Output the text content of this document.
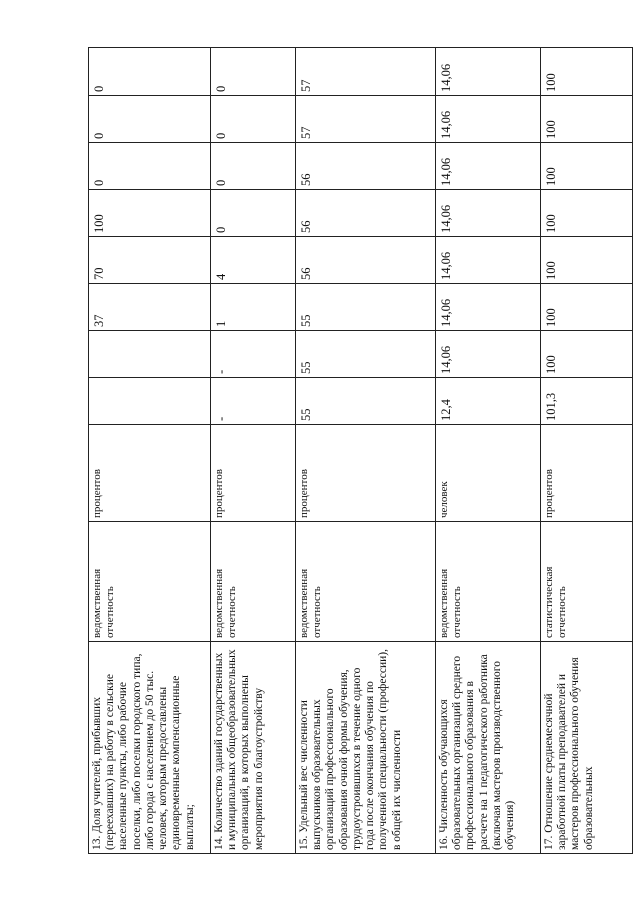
13. Доля учителей, прибывших (переехавших) на работу в сельские населенные пункты, либо рабочие поселки, либо поселки городского типа, либо города с населением до 50 тыс. человек, которым предоставлены единовременные компенсационные выплаты;	ведомственная отчетность	процентов			37	70	100	0	0	0
14. Количество зданий государственных и муниципальных общеобразовательных организаций, в которых выполнены мероприятия по благоустройству	ведомственная отчетность	процентов	-	-	1	4	0	0	0	0
15. Удельный вес численности выпускников образовательных организаций профессионального образования очной формы обучения, трудоустроившихся в течение одного года после окончания обучения по полученной специальности (профессии), в общей их численности	ведомственная отчетность	процентов	55	55	55	56	56	56	57	57
16. Численность обучающихся образовательных организаций среднего профессионального образования в расчете на 1 педагогического работника (включая мастеров производственного обучения)	ведомственная отчетность	человек	12,4	14,06	14,06	14,06	14,06	14,06	14,06	14,06
17. Отношение среднемесячной заработной платы преподавателей и мастеров профессионального обучения образовательных	статистическая отчетность	процентов	101,3	100	100	100	100	100	100	100
